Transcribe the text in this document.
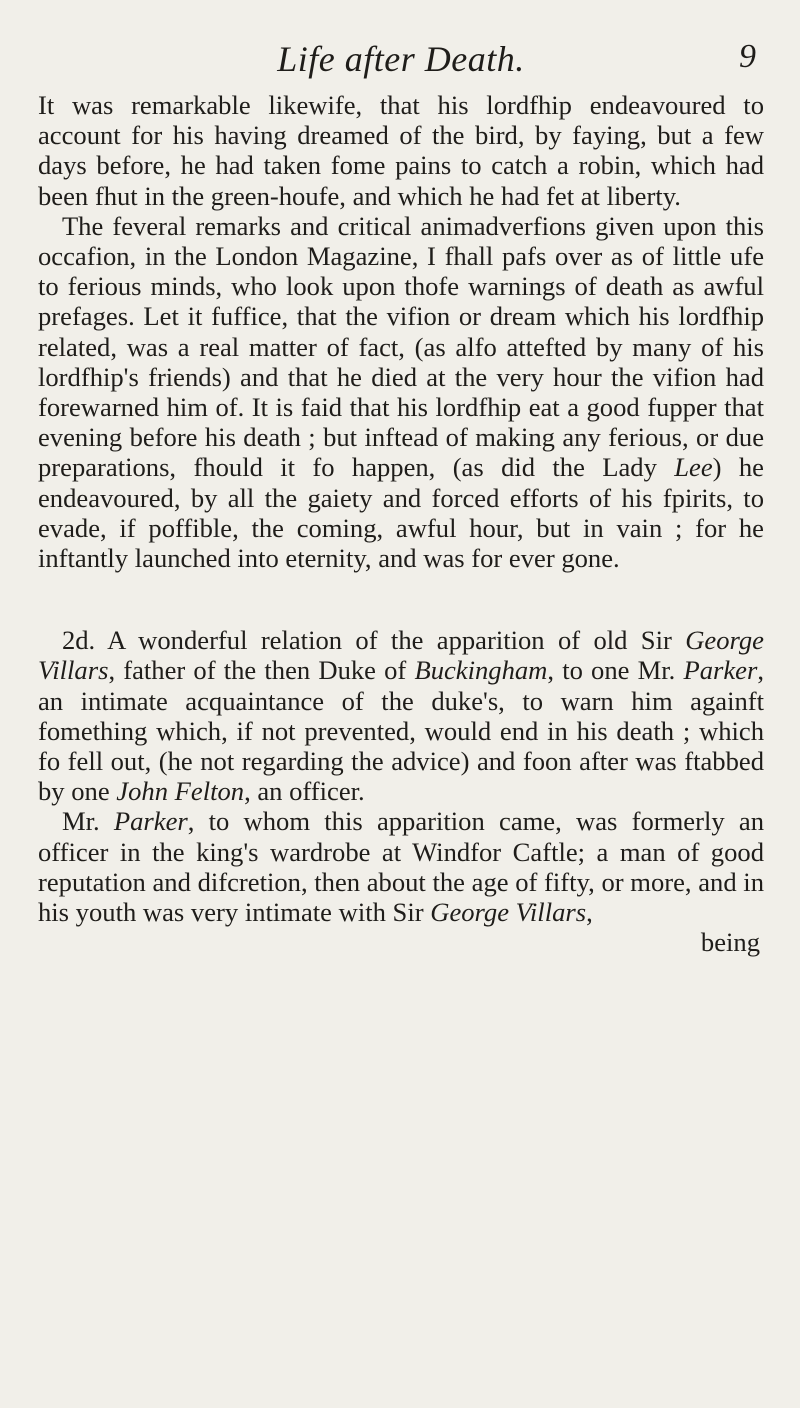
Life after Death.	9

It was remarkable likewife, that his lordfhip endeavoured to account for his having dreamed of the bird, by faying, but a few days before, he had taken fome pains to catch a robin, which had been fhut in the green-houfe, and which he had fet at liberty.

The feveral remarks and critical animadverfions given upon this occafion, in the London Magazine, I fhall pafs over as of little ufe to ferious minds, who look upon thofe warnings of death as awful prefages. Let it fuffice, that the vifion or dream which his lordfhip related, was a real matter of fact, (as alfo attefted by many of his lordfhip's friends) and that he died at the very hour the vifion had forewarned him of. It is faid that his lordfhip eat a good fupper that evening before his death ; but inftead of making any ferious, or due preparations, fhould it fo happen, (as did the Lady Lee) he endeavoured, by all the gaiety and forced efforts of his fpirits, to evade, if poffible, the coming, awful hour, but in vain ; for he inftantly launched into eternity, and was for ever gone.

2d. A wonderful relation of the apparition of old Sir George Villars, father of the then Duke of Buckingham, to one Mr. Parker, an intimate acquaintance of the duke's, to warn him againft fomething which, if not prevented, would end in his death ; which fo fell out, (he not regarding the advice) and foon after was ftabbed by one John Felton, an officer.

Mr. Parker, to whom this apparition came, was formerly an officer in the king's wardrobe at Windfor Caftle; a man of good reputation and difcretion, then about the age of fifty, or more, and in his youth was very intimate with Sir George Villars,

being
